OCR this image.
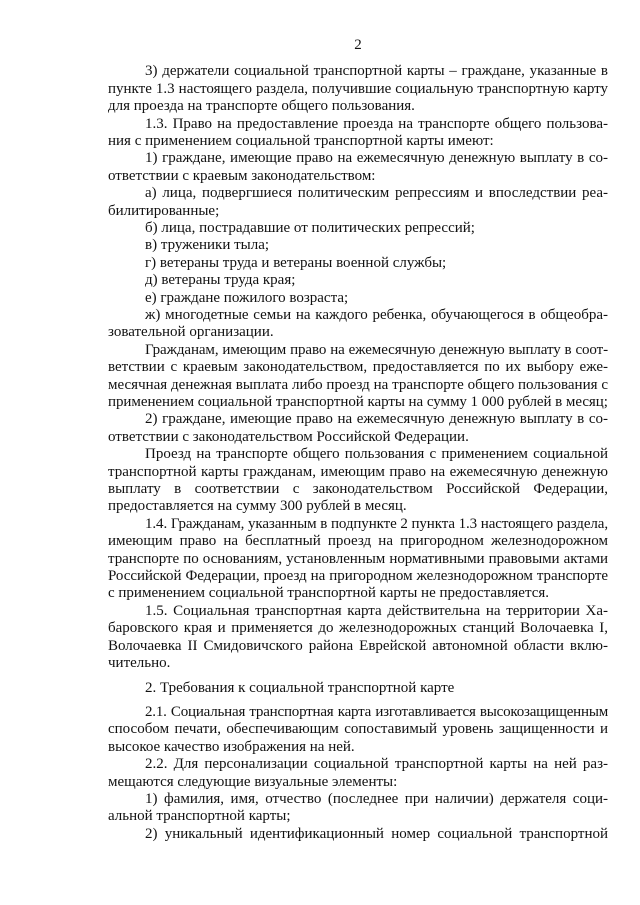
2
3) держатели социальной транспортной карты – граждане, указанные в
пункте 1.3 настоящего раздела, получившие социальную транспортную карту
для проезда на транспорте общего пользования.
1.3. Право на предоставление проезда на транспорте общего пользова-
ния с применением социальной транспортной карты имеют:
1) граждане, имеющие право на ежемесячную денежную выплату в со-
ответствии с краевым законодательством:
а) лица, подвергшиеся политическим репрессиям и впоследствии реа-
билитированные;
б) лица, пострадавшие от политических репрессий;
в) труженики тыла;
г) ветераны труда и ветераны военной службы;
д) ветераны труда края;
е) граждане пожилого возраста;
ж) многодетные семьи на каждого ребенка, обучающегося в общеобра-
зовательной организации.
Гражданам, имеющим право на ежемесячную денежную выплату в соот-
ветствии с краевым законодательством, предоставляется по их выбору еже-
месячная денежная выплата либо проезд на транспорте общего пользования с
применением социальной транспортной карты на сумму 1 000 рублей в месяц;
2) граждане, имеющие право на ежемесячную денежную выплату в со-
ответствии с законодательством Российской Федерации.
Проезд на транспорте общего пользования с применением социальной
транспортной карты гражданам, имеющим право на ежемесячную денежную
выплату в соответствии с законодательством Российской Федерации,
предоставляется на сумму 300 рублей в месяц.
1.4. Гражданам, указанным в подпункте 2 пункта 1.3 настоящего раздела,
имеющим право на бесплатный проезд на пригородном железнодорожном
транспорте по основаниям, установленным нормативными правовыми актами
Российской Федерации, проезд на пригородном железнодорожном транспорте
с применением социальной транспортной карты не предоставляется.
1.5. Социальная транспортная карта действительна на территории Ха-
баровского края и применяется до железнодорожных станций Волочаевка I,
Волочаевка II Смидовичского района Еврейской автономной области вклю-
чительно.
2. Требования к социальной транспортной карте
2.1. Социальная транспортная карта изготавливается высокозащищенным
способом печати, обеспечивающим сопоставимый уровень защищенности и
высокое качество изображения на ней.
2.2. Для персонализации социальной транспортной карты на ней раз-
мещаются следующие визуальные элементы:
1) фамилия, имя, отчество (последнее при наличии) держателя соци-
альной транспортной карты;
2) уникальный идентификационный номер социальной транспортной
